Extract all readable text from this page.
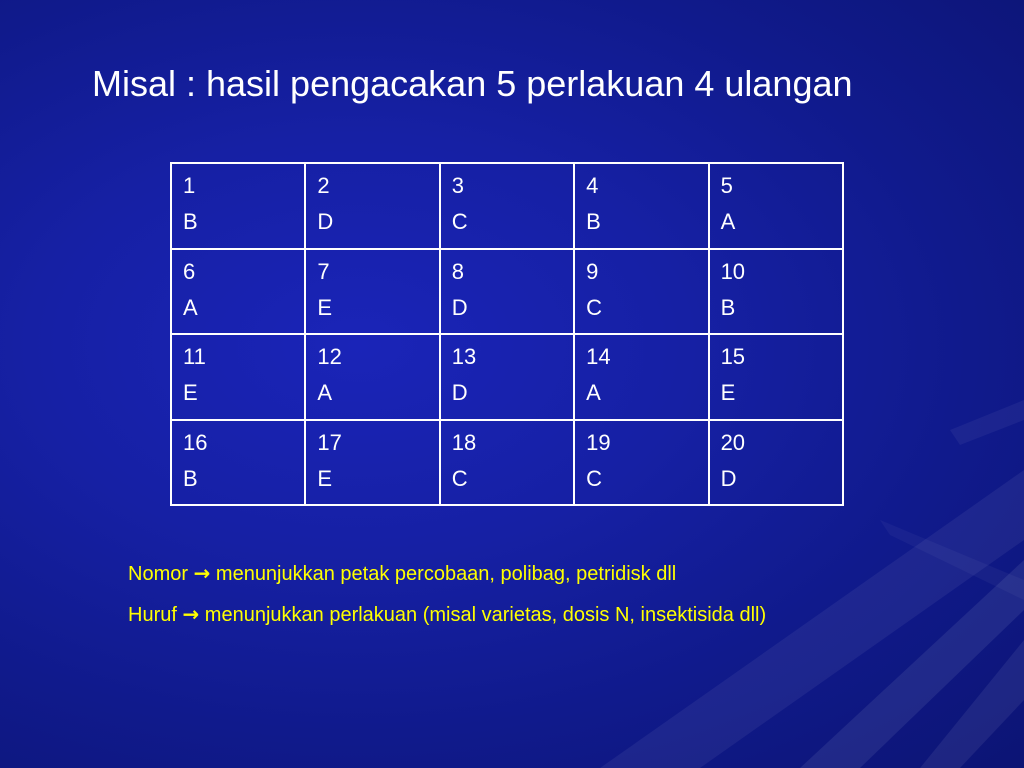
Misal : hasil pengacakan 5 perlakuan 4 ulangan
1
B	2
D	3
C	4
B	5
A

6
A	7
E	8
D	9
C	10
B

11
E	12
A	13
D	14
A	15
E

16
B	17
E	18
C	19
C	20
D

Nomor → menunjukkan petak percobaan, polibag, petridisk dll

Huruf → menunjukkan perlakuan (misal varietas, dosis N, insektisida dll)
